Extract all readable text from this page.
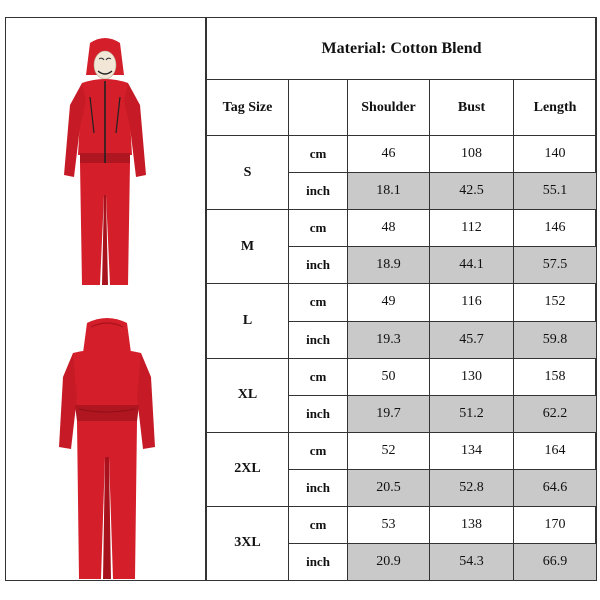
Material: Cotton Blend				
Tag Size		Shoulder	Bust	Length
S	cm	46	108	140
	inch	18.1	42.5	55.1
M	cm	48	112	146
	inch	18.9	44.1	57.5
L	cm	49	116	152
	inch	19.3	45.7	59.8
XL	cm	50	130	158
	inch	19.7	51.2	62.2
2XL	cm	52	134	164
	inch	20.5	52.8	64.6
3XL	cm	53	138	170
	inch	20.9	54.3	66.9
